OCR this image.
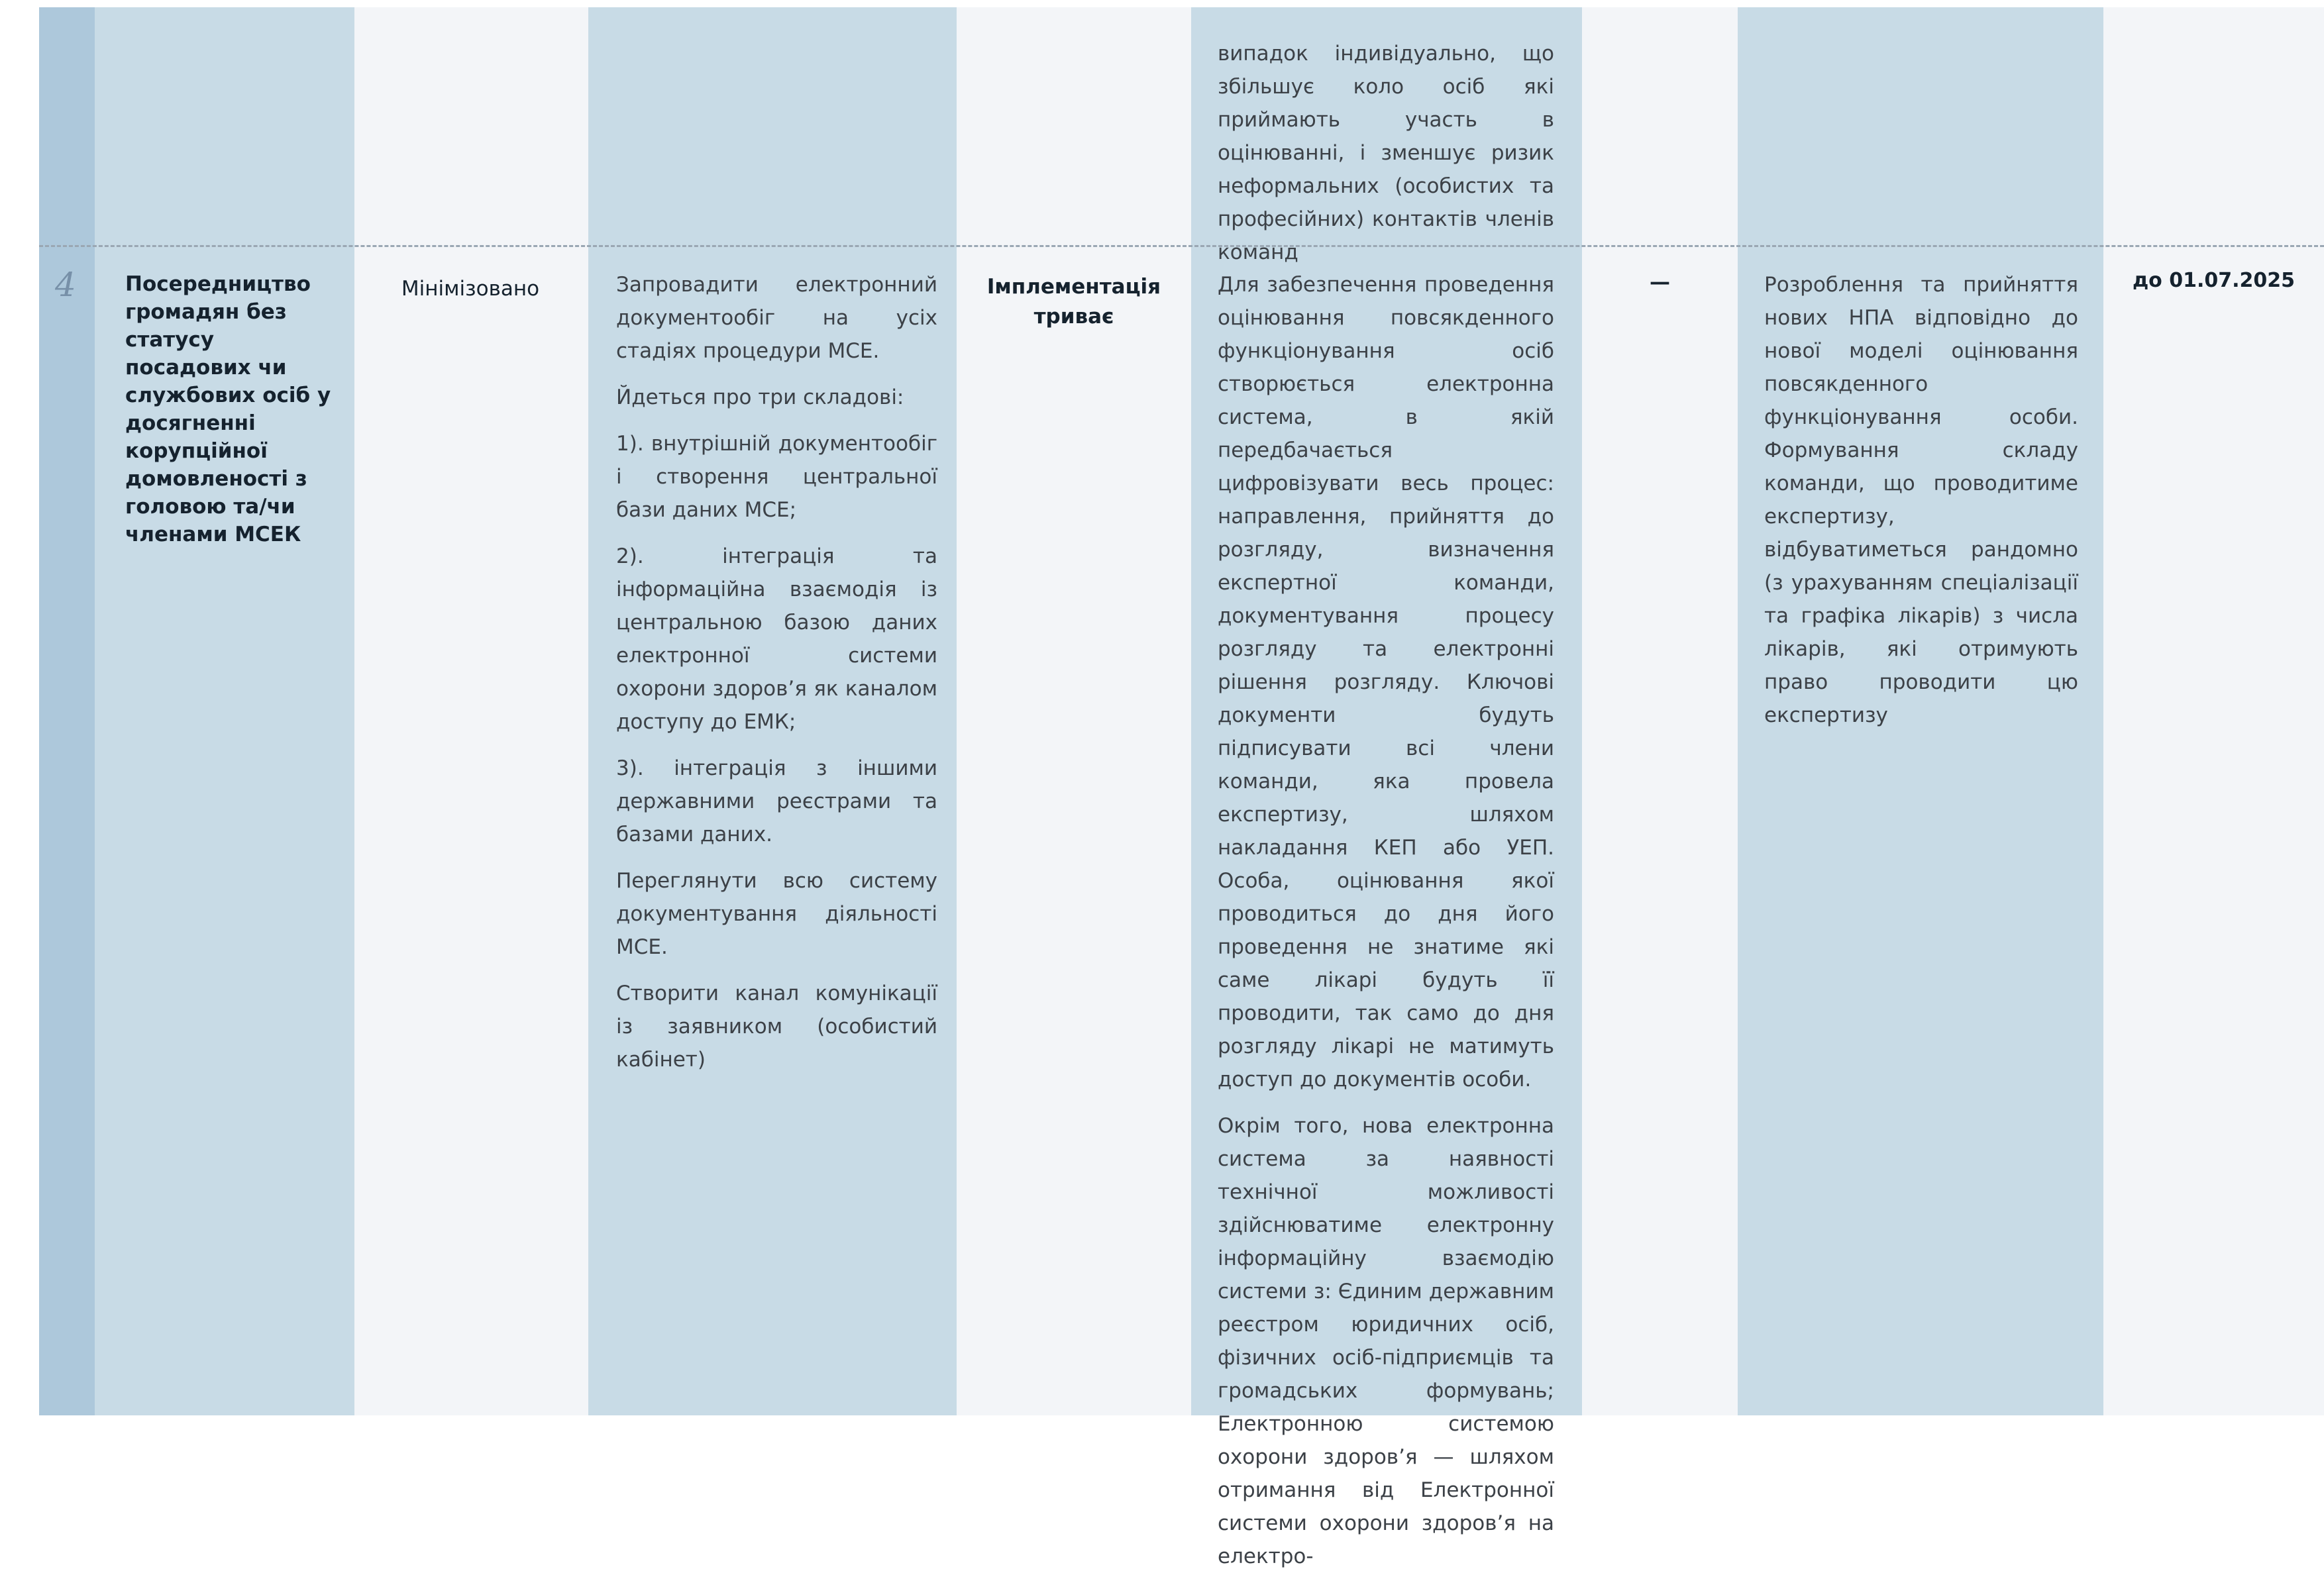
випадок індивідуально, що збільшує коло осіб які приймають участь в оцінюванні, і зменшує ризик неформальних (особистих та професійних) контактів членів команд

4 Посередництво громадян без статусу посадових чи службових осіб у досягненні корупційної домовленості з головою та/чи членами МСЕК
Мінімізовано	Запровадити електронний документообіг на усіх стадіях процедури МСЕ.

Йдеться про три складові:

1). внутрішній документообіг і створення центральної бази даних МСЕ;

2). інтеграція та інформаційна взаємодія із центральною базою даних електронної системи охорони здоров’я як каналом доступу до ЕМК;

3). інтеграція з іншими державними реєстрами та базами даних.

Переглянути всю систему документування діяльності МСЕ.

Створити канал комунікації із заявником (особистий кабінет)

Імплементація триває

Для забезпечення проведення оцінювання повсякденного функціонування осіб створюється електронна система, в якій передбачається цифровізувати весь процес: направлення, прийняття до розгляду, визначення експертної команди, документування процесу розгляду та електронні рішення розгляду. Ключові документи будуть підписувати всі члени команди, яка провела експертизу, шляхом накладання КЕП або УЕП. Особа, оцінювання якої проводиться до дня його проведення не знатиме які саме лікарі будуть її проводити, так само до дня розгляду лікарі не матимуть доступ до документів особи.

Окрім того, нова електронна система за наявності технічної можливості здійснюватиме електронну інформаційну взаємодію системи з: Єдиним державним реєстром юридичних осіб, фізичних осіб-підприємців та громадських формувань; Електронною системою охорони здоров’я — шляхом отримання від Електронної системи охорони здоров’я на електро-

—	Розроблення та прийняття нових НПА відповідно до нової моделі оцінювання повсякденного функціонування особи. Формування складу команди, що проводитиме експертизу, відбуватиметься рандомно (з урахуванням спеціалізації та графіка лікарів) з числа лікарів, які отримують право проводити цю експертизу

до 01.07.2025
